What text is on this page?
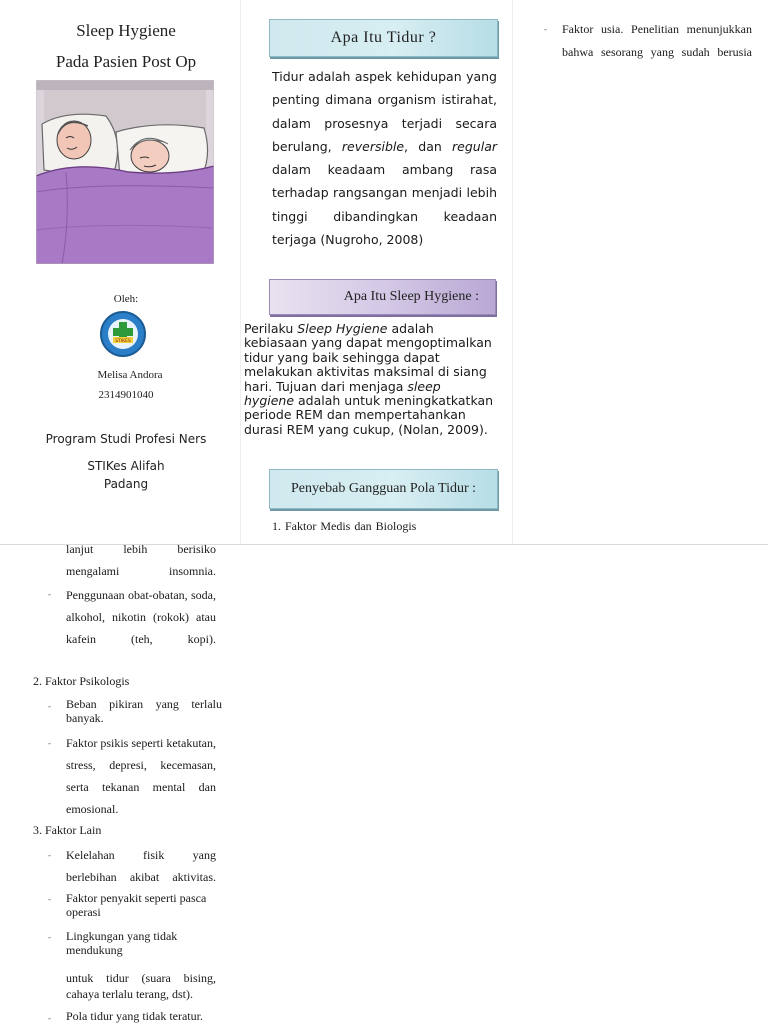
Sleep Hygiene
Pada Pasien Post Op
Oleh:
STIKES
Melisa Andora
2314901040
Program Studi Profesi Ners
STIKes Alifah
Padang
Apa Itu Tidur ?
Tidur adalah aspek kehidupan yang penting dimana organism istirahat, dalam prosesnya terjadi secara berulang, reversible, dan regular dalam keadaam ambang rasa terhadap rangsangan menjadi lebih tinggi dibandingkan keadaan terjaga (Nugroho, 2008)
Apa Itu Sleep Hygiene :
Perilaku Sleep Hygiene adalah kebiasaan yang dapat mengoptimalkan tidur yang baik sehingga dapat melakukan aktivitas maksimal di siang hari. Tujuan dari menjaga sleep hygiene adalah untuk meningkatkatkan periode REM dan mempertahankan durasi REM yang cukup, (Nolan, 2009).
Penyebab Gangguan Pola Tidur :
1. Faktor Medis dan Biologis
- Faktor usia. Penelitian menunjukkan bahwa sesorang yang sudah berusia
lanjut lebih berisiko mengalami insomnia.
- Penggunaan obat-obatan, soda, alkohol, nikotin (rokok) atau kafein (teh, kopi).
2. Faktor Psikologis
- Beban pikiran yang terlalu banyak.
- Faktor psikis seperti ketakutan, stress, depresi, kecemasan, serta tekanan mental dan emosional.
3. Faktor Lain
- Kelelahan fisik yang berlebihan akibat aktivitas.
- Faktor penyakit seperti pasca operasi
- Lingkungan yang tidak mendukung
untuk tidur (suara bising, cahaya terlalu terang, dst).
- Pola tidur yang tidak teratur.
